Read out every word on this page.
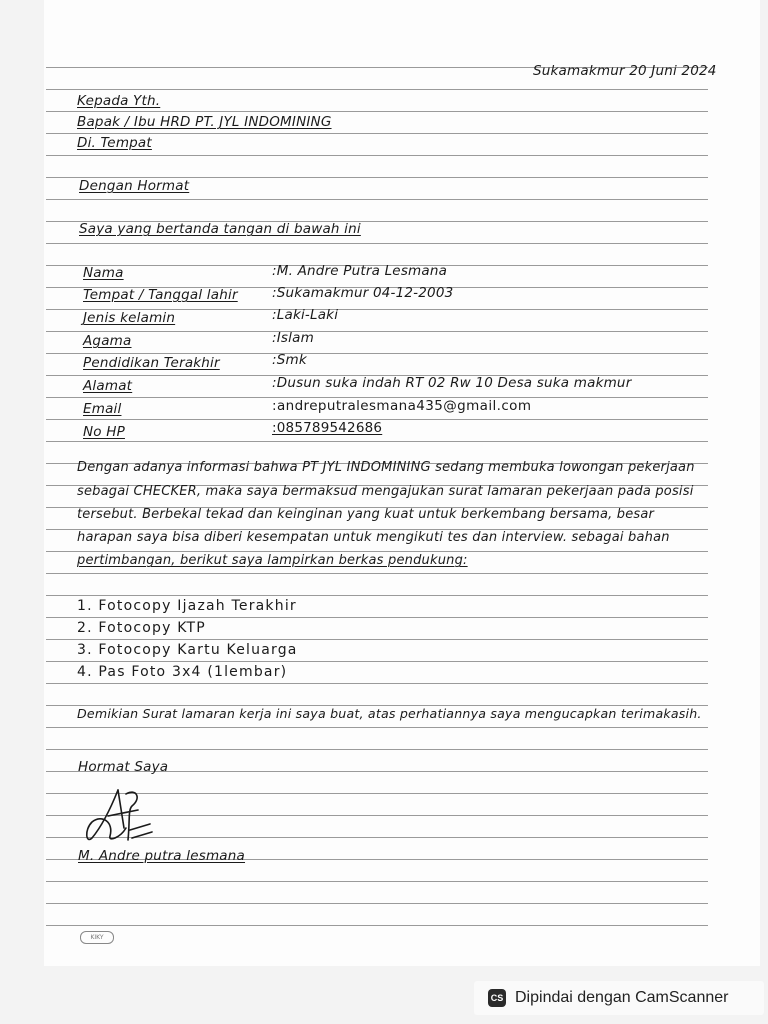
Sukamakmur 20 Juni 2024
Kepada Yth.
Bapak / Ibu HRD PT. JYL INDOMINING
Di. Tempat
Dengan Hormat
Saya yang bertanda tangan di bawah ini
Nama	:M. Andre Putra Lesmana
Tempat / Tanggal lahir	:Sukamakmur 04-12-2003
Jenis kelamin	:Laki-Laki
Agama	:Islam
Pendidikan Terakhir	:Smk
Alamat	:Dusun suka indah RT 02 Rw 10 Desa suka makmur
Email	:andreputralesmana435@gmail.com
No HP	:085789542686
Dengan adanya informasi bahwa PT JYL INDOMINING sedang membuka lowongan pekerjaan
sebagai CHECKER, maka saya bermaksud mengajukan surat lamaran pekerjaan pada posisi
tersebut. Berbekal tekad dan keinginan yang kuat untuk berkembang bersama, besar
harapan saya bisa diberi kesempatan untuk mengikuti tes dan interview. sebagai bahan
pertimbangan, berikut saya lampirkan berkas pendukung:
1. Fotocopy Ijazah Terakhir
2. Fotocopy KTP
3. Fotocopy Kartu Keluarga
4. Pas Foto 3x4 (1lembar)
Demikian Surat lamaran kerja ini saya buat, atas perhatiannya saya mengucapkan terimakasih.
Hormat Saya
M. Andre putra lesmana
KIKY
CS Dipindai dengan CamScanner
